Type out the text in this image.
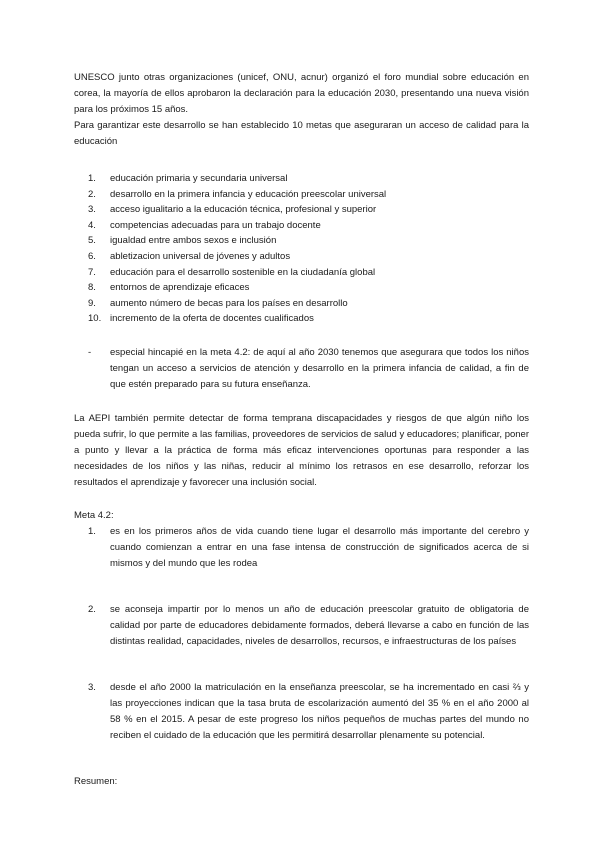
UNESCO junto otras organizaciones (unicef, ONU, acnur) organizó el foro mundial sobre educación en corea, la mayoría de ellos aprobaron la declaración para la educación 2030, presentando una nueva visión para los próximos 15 años.

Para garantizar este desarrollo se han establecido 10 metas que aseguraran un acceso de calidad para la educación

1.	educación primaria y secundaria universal
2.	desarrollo en la primera infancia y educación preescolar universal
3.	acceso igualitario a la educación técnica, profesional y superior
4.	competencias adecuadas para un trabajo docente
5.	igualdad entre ambos sexos e inclusión
6.	abletizacion universal de jóvenes y adultos
7.	educación para el desarrollo sostenible en la ciudadanía global
8.	entornos de aprendizaje eficaces
9.	aumento número de becas para los países en desarrollo
10. incremento de la oferta de docentes cualificados
-	especial hincapié en la meta 4.2: de aquí al año 2030 tenemos que asegurara que todos los niños tengan un acceso a servicios de atención y desarrollo en la primera infancia de calidad, a fin de que estén preparado para su futura enseñanza.

La AEPI también permite detectar de forma temprana discapacidades y riesgos de que algún niño los pueda sufrir, lo que permite a las familias, proveedores de servicios de salud y educadores; planificar, poner a punto y llevar a la práctica de forma más eficaz intervenciones oportunas para responder a las necesidades de los niños y las niñas, reducir al mínimo los retrasos en ese desarrollo, reforzar los resultados el aprendizaje y favorecer una inclusión social.

Meta 4.2:
1.	es en los primeros años de vida cuando tiene lugar el desarrollo más importante del cerebro y cuando comienzan a entrar en una fase intensa de construcción de significados acerca de si mismos y del mundo que les rodea

2.	se aconseja impartir por lo menos un año de educación preescolar gratuito de obligatoria de calidad por parte de educadores debidamente formados, deberá llevarse a cabo en función de las distintas realidad, capacidades, niveles de desarrollos, recursos, e infraestructuras de los países

3.	desde el año 2000 la matriculación en la enseñanza preescolar, se ha incrementado en casi ⅔ y las proyecciones indican que la tasa bruta de escolarización aumentó del 35 % en el año 2000 al 58 % en el 2015. A pesar de este progreso los niños pequeños de muchas partes del mundo no reciben el cuidado de la educación que les permitirá desarrollar plenamente su potencial.

Resumen:
